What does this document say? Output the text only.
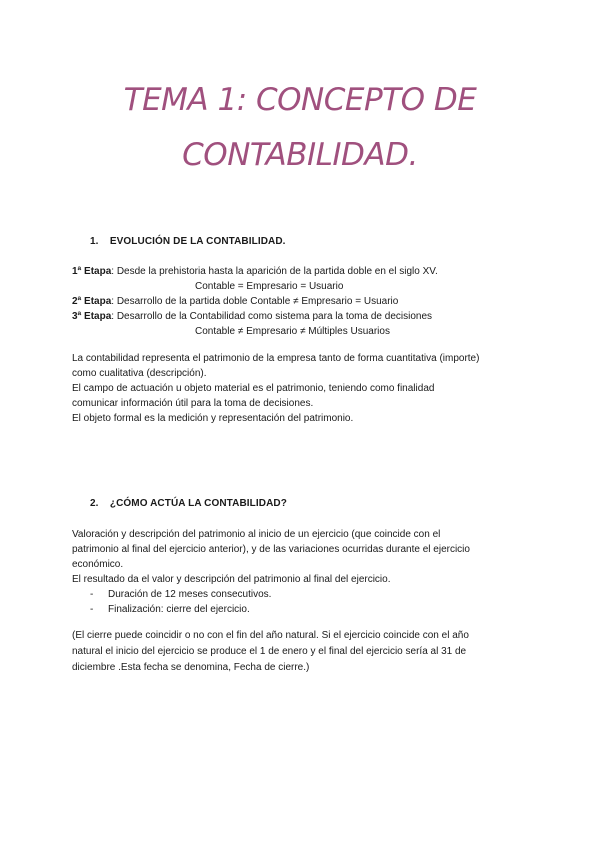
TEMA 1: CONCEPTO DE
CONTABILIDAD.
1. EVOLUCIÓN DE LA CONTABILIDAD.
1ª Etapa: Desde la prehistoria hasta la aparición de la partida doble en el siglo XV.
Contable = Empresario = Usuario
2ª Etapa: Desarrollo de la partida doble Contable ≠ Empresario = Usuario
3ª Etapa: Desarrollo de la Contabilidad como sistema para la toma de decisiones
Contable ≠ Empresario ≠ Múltiples Usuarios
La contabilidad representa el patrimonio de la empresa tanto de forma cuantitativa (importe)
como cualitativa (descripción).
El campo de actuación u objeto material es el patrimonio, teniendo como finalidad
comunicar información útil para la toma de decisiones.
El objeto formal es la medición y representación del patrimonio.
2. ¿CÓMO ACTÚA LA CONTABILIDAD?
Valoración y descripción del patrimonio al inicio de un ejercicio (que coincide con el
patrimonio al final del ejercicio anterior), y de las variaciones ocurridas durante el ejercicio
económico.
El resultado da el valor y descripción del patrimonio al final del ejercicio.
- Duración de 12 meses consecutivos.
- Finalización: cierre del ejercicio.
(El cierre puede coincidir o no con el fin del año natural. Si el ejercicio coincide con el año
natural el inicio del ejercicio se produce el 1 de enero y el final del ejercicio sería al 31 de
diciembre .Esta fecha se denomina, Fecha de cierre.)
